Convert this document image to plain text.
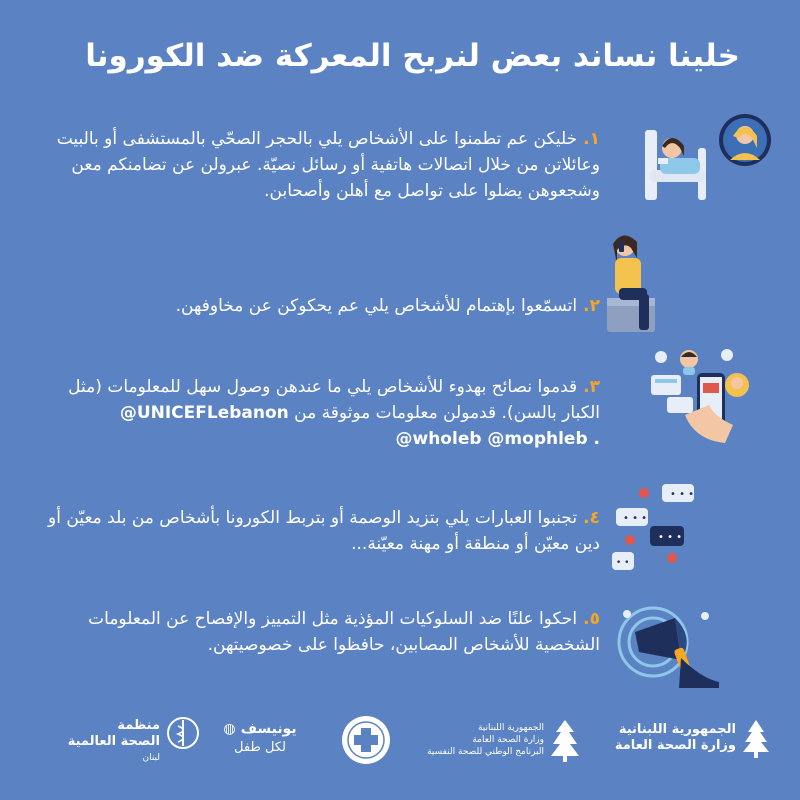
خلينا نساند بعض لنربح المعركة ضد الكورونا
١.خليكن عم تطمنوا على الأشخاص يلي بالحجر الصحّي بالمستشفى أو بالبيت وعائلاتن من خلال اتصالات هاتفية أو رسائل نصيّة. عبرولن عن تضامنكم معن وشجعوهن يضلوا على تواصل مع أهلن وأصحابن.
٢.اتسمّعوا بإهتمام للأشخاص يلي عم يحكوكن عن مخاوفهن.
٣.قدموا نصائح بهدوء للأشخاص يلي ما عندهن وصول سهل للمعلومات (مثل الكبار بالسن). قدمولن معلومات موثوقة من @UNICEFLebanon @wholeb @mophleb .
٤.تجنبوا العبارات يلي بتزيد الوصمة أو بتربط الكورونا بأشخاص من بلد معيّن أو دين معيّن أو منطقة أو مهنة معيّنة...
• • •
• • •
• • •
• •
٥.احكوا علنًا ضد السلوكيات المؤذية مثل التمييز والإفصاح عن المعلومات الشخصية للأشخاص المصابين، حافظوا على خصوصيتهن.
الجمهورية اللبنانية
وزارة الصحة العامة
الجمهورية اللبنانية
وزارة الصحة العامة
البرنامج الوطني للصحة النفسية
يونيسف ◍
لكل طفل
منظمة
الصحة العالمية
لبنان
